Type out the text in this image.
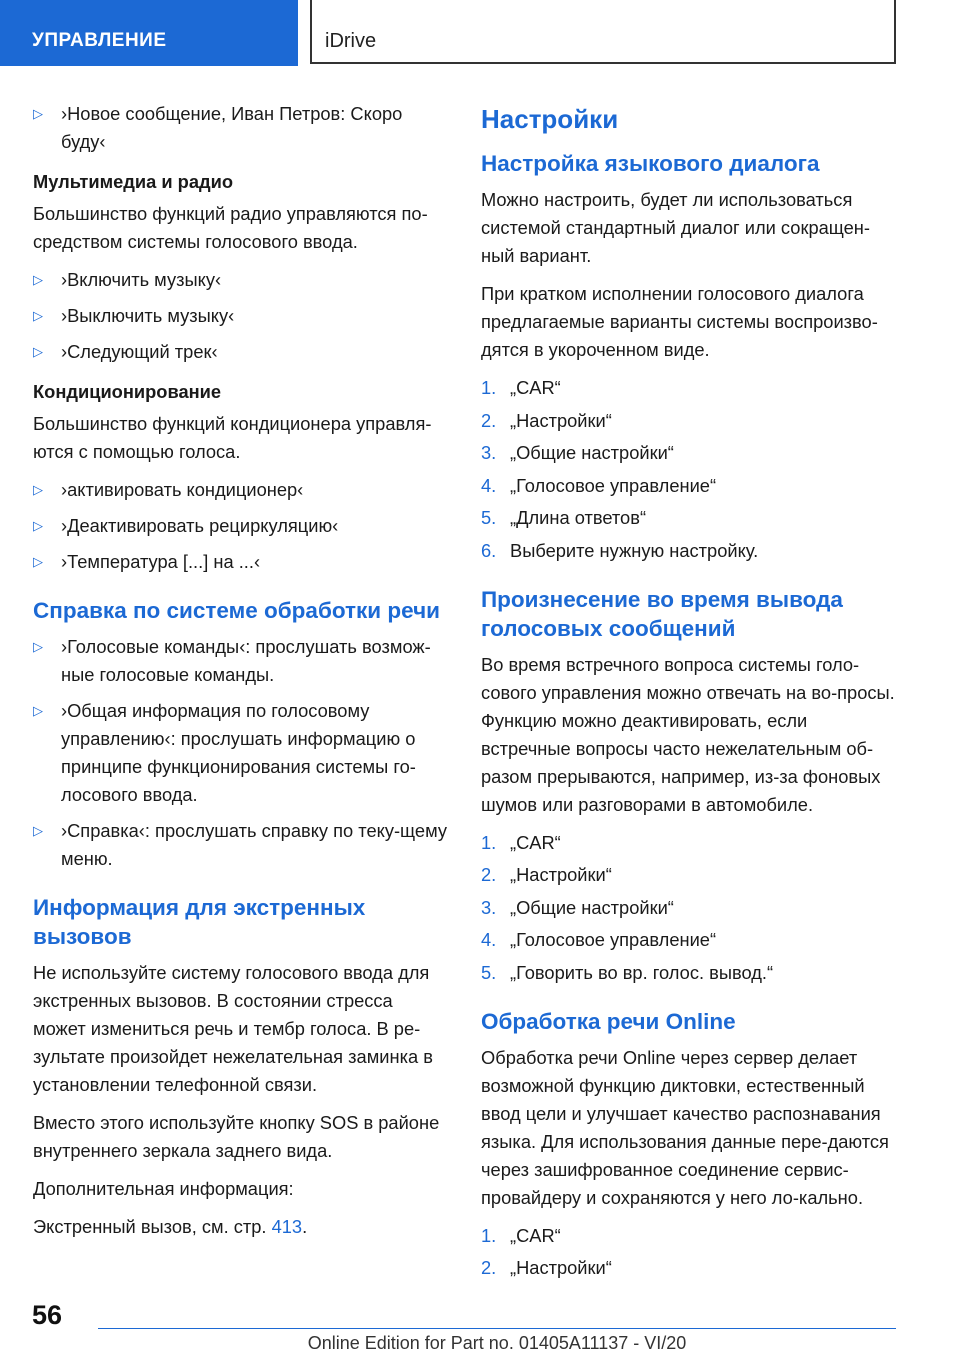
УПРАВЛЕНИЕ	iDrive
▷ ›Новое сообщение, Иван Петров: Скоро буду‹
Мультимедиа и радио

Большинство функций радио управляются по-средством системы голосового ввода.

▷ ›Включить музыку‹
▷ ›Выключить музыку‹
▷ ›Следующий трек‹
Кондиционирование

Большинство функций кондиционера управля-ются с помощью голоса.

▷ ›активировать кондиционер‹
▷ ›Деактивировать рециркуляцию‹
▷ ›Температура [...] на ...‹
Справка по системе обработки речи
▷ ›Голосовые команды‹: прослушать возмож-ные голосовые команды.
▷ ›Общая информация по голосовому управлению‹: прослушать информацию о принципе функционирования системы го-лосового ввода.
▷ ›Справка‹: прослушать справку по теку-щему меню.
Информация для экстренных вызовов

Не используйте систему голосового ввода для экстренных вызовов. В состоянии стресса может измениться речь и тембр голоса. В ре-зультате произойдет нежелательная заминка в установлении телефонной связи.

Вместо этого используйте кнопку SOS в районе внутреннего зеркала заднего вида.

Дополнительная информация:

Экстренный вызов, см. стр. 413.

Настройки
Настройка языкового диалога

Можно настроить, будет ли использоваться системой стандартный диалог или сокращен-ный вариант.

При кратком исполнении голосового диалога предлагаемые варианты системы воспроизво-дятся в укороченном виде.

1. „CAR“
2. „Настройки“
3. „Общие настройки“
4. „Голосовое управление“
5. „Длина ответов“
6. Выберите нужную настройку.
Произнесение во время вывода голосовых сообщений

Во время встречного вопроса системы голо-сового управления можно отвечать на во-просы. Функцию можно деактивировать, если встречные вопросы часто нежелательным об-разом прерываются, например, из-за фоновых шумов или разговорами в автомобиле.

1. „CAR“
2. „Настройки“
3. „Общие настройки“
4. „Голосовое управление“
5. „Говорить во вр. голос. вывод.“
Обработка речи Online

Обработка речи Online через сервер делает возможной функцию диктовки, естественный ввод цели и улучшает качество распознавания языка. Для использования данные пере-даются через зашифрованное соединение сервис-провайдеру и сохраняются у него ло-кально.

1. „CAR“
2. „Настройки“
56
Online Edition for Part no. 01405A11137 - VI/20
